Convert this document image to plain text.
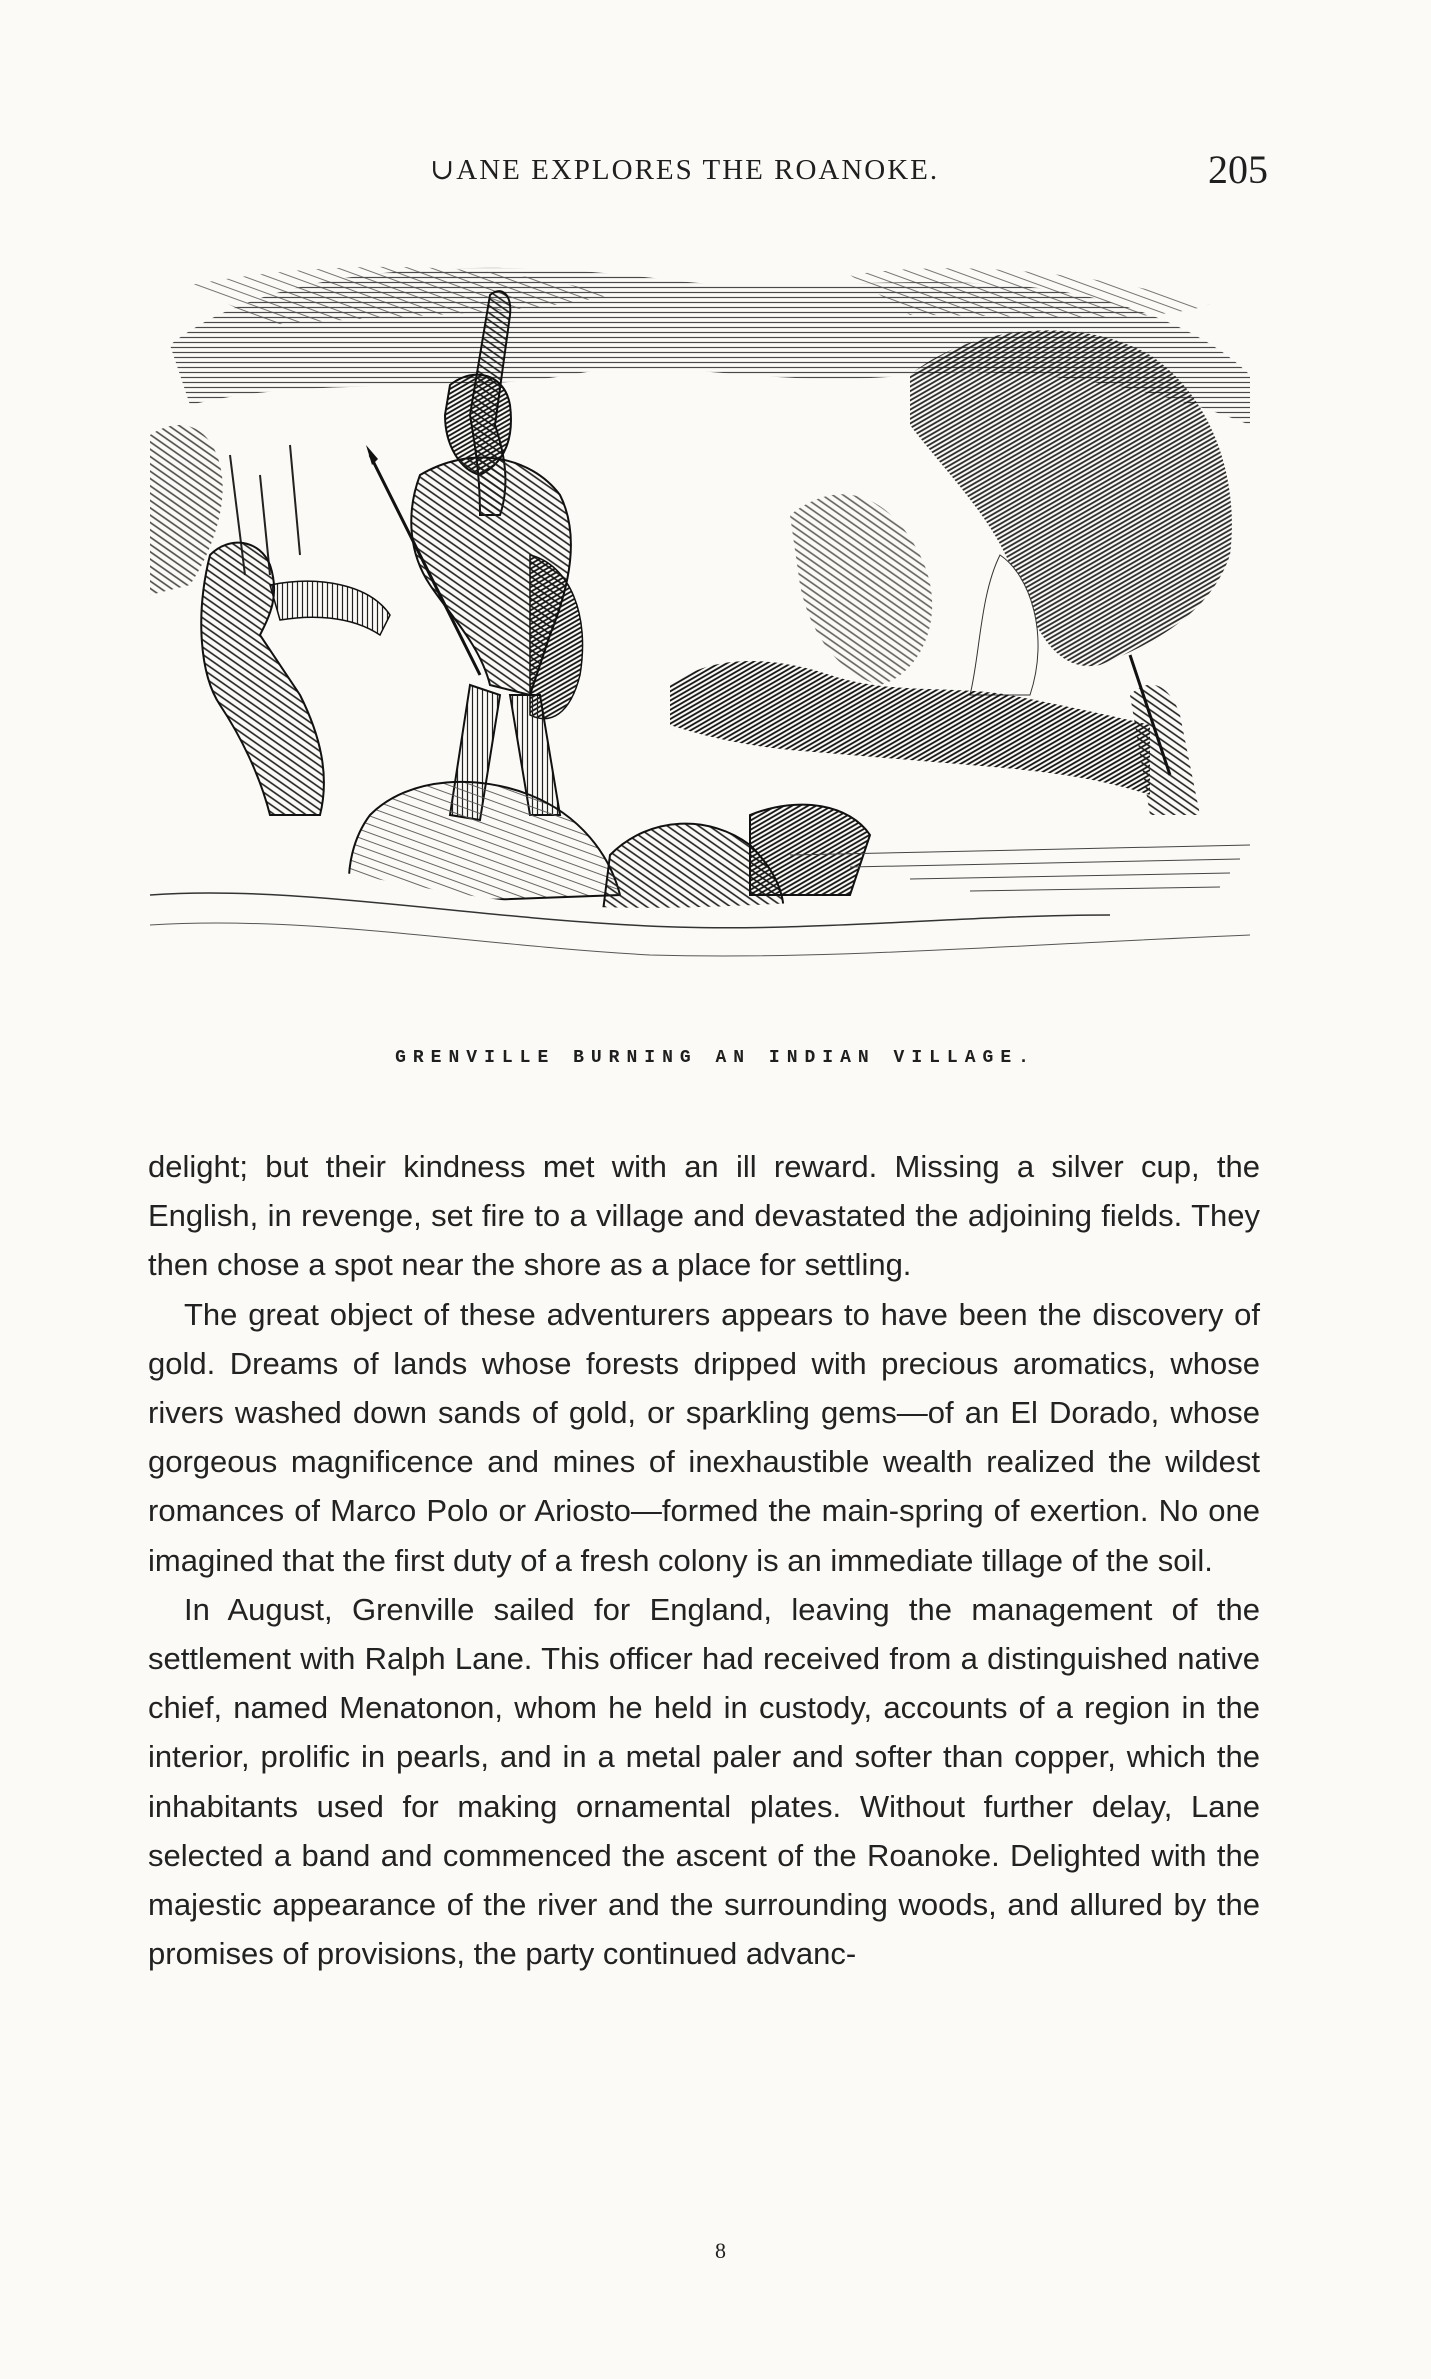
∪ANE EXPLORES THE ROANOKE.	205
GRENVILLE BURNING AN INDIAN VILLAGE.

delight; but their kindness met with an ill reward. Missing a silver cup, the English, in revenge, set fire to a village and devastated the adjoining fields. They then chose a spot near the shore as a place for settling.

The great object of these adventurers appears to have been the discovery of gold. Dreams of lands whose forests dripped with precious aromatics, whose rivers washed down sands of gold, or sparkling gems—of an El Dorado, whose gorgeous magnificence and mines of inexhaustible wealth realized the wildest romances of Marco Polo or Ariosto—formed the main-spring of exertion. No one imagined that the first duty of a fresh colony is an immediate tillage of the soil.

In August, Grenville sailed for England, leaving the management of the settlement with Ralph Lane. This officer had received from a distinguished native chief, named Menatonon, whom he held in custody, accounts of a region in the interior, prolific in pearls, and in a metal paler and softer than copper, which the inhabitants used for making ornamental plates. Without further delay, Lane selected a band and commenced the ascent of the Roanoke. Delighted with the majestic appearance of the river and the surrounding woods, and allured by the promises of provisions, the party continued advanc-

8
